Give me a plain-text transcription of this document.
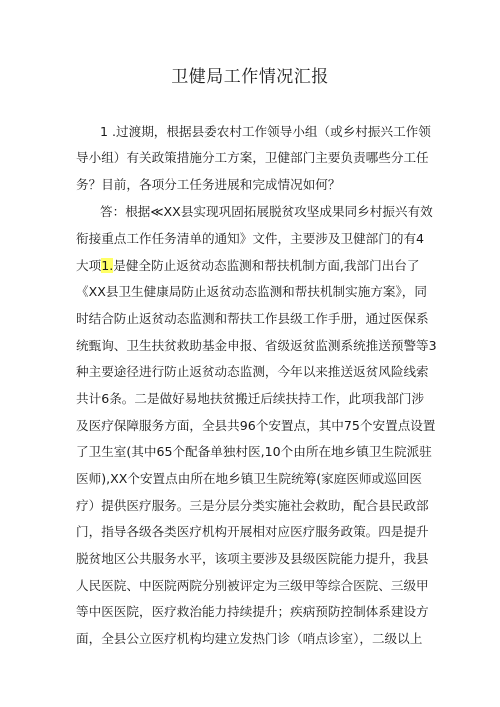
卫健局工作情况汇报
1 .过渡期，根据县委农村工作领导小组（或乡村振兴工作领
导小组）有关政策措施分工方案，卫健部门主要负责哪些分工任
务？目前，各项分工任务进展和完成情况如何？
答：根据≪XX县实现巩固拓展脱贫攻坚成果同乡村振兴有效
衔接重点工作任务清单的通知》文件，主要涉及卫健部门的有4
大项1.是健全防止返贫动态监测和帮扶机制方面,我部门出台了
《XX县卫生健康局防止返贫动态监测和帮扶机制实施方案》，同
时结合防止返贫动态监测和帮扶工作县级工作手册，通过医保系
统甄询、卫生扶贫救助基金申报、省级返贫监测系统推送预警等3
种主要途径进行防止返贫动态监测，今年以来推送返贫风险线索
共计6条。二是做好易地扶贫搬迁后续扶持工作，此项我部门涉
及医疗保障服务方面，全县共96个安置点，其中75个安置点设置
了卫生室(其中65个配备单独村医,10个由所在地乡镇卫生院派驻
医师),XX个安置点由所在地乡镇卫生院统筹(家庭医师或巡回医
疗）提供医疗服务。三是分层分类实施社会救助，配合县民政部
门，指导各级各类医疗机构开展相对应医疗服务政策。四是提升
脱贫地区公共服务水平，该项主要涉及县级医院能力提升，我县
人民医院、中医院两院分别被评定为三级甲等综合医院、三级甲
等中医医院，医疗救治能力持续提升；疾病预防控制体系建设方
面，全县公立医疗机构均建立发热门诊（哨点诊室），二级以上
